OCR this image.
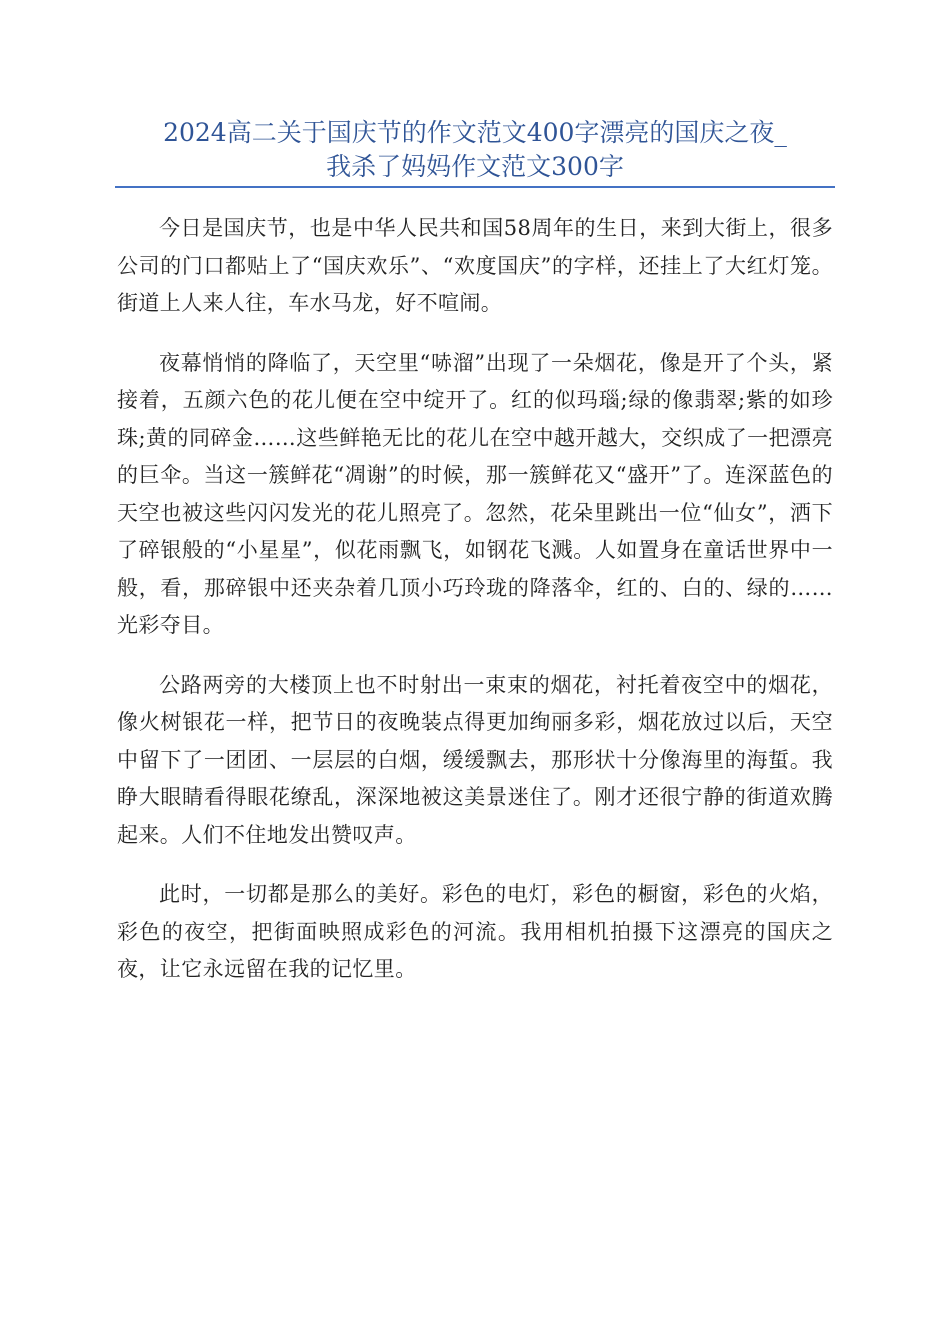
2024高二关于国庆节的作文范文400字漂亮的国庆之夜_
我杀了妈妈作文范文300字

今日是国庆节，也是中华人民共和国58周年的生日，来到大街上，很多公司的门口都贴上了“国庆欢乐”、“欢度国庆”的字样，还挂上了大红灯笼。街道上人来人往，车水马龙，好不喧闹。

夜幕悄悄的降临了，天空里“哧溜”出现了一朵烟花，像是开了个头，紧接着，五颜六色的花儿便在空中绽开了。红的似玛瑙;绿的像翡翠;紫的如珍珠;黄的同碎金……这些鲜艳无比的花儿在空中越开越大，交织成了一把漂亮的巨伞。当这一簇鲜花“凋谢”的时候，那一簇鲜花又“盛开”了。连深蓝色的天空也被这些闪闪发光的花儿照亮了。忽然，花朵里跳出一位“仙女”，洒下了碎银般的“小星星”，似花雨飘飞，如钢花飞溅。人如置身在童话世界中一般，看，那碎银中还夹杂着几顶小巧玲珑的降落伞，红的、白的、绿的……光彩夺目。

公路两旁的大楼顶上也不时射出一束束的烟花，衬托着夜空中的烟花，像火树银花一样，把节日的夜晚装点得更加绚丽多彩，烟花放过以后，天空中留下了一团团、一层层的白烟，缓缓飘去，那形状十分像海里的海蜇。我睁大眼睛看得眼花缭乱，深深地被这美景迷住了。刚才还很宁静的街道欢腾起来。人们不住地发出赞叹声。

此时，一切都是那么的美好。彩色的电灯，彩色的橱窗，彩色的火焰，彩色的夜空，把街面映照成彩色的河流。我用相机拍摄下这漂亮的国庆之夜，让它永远留在我的记忆里。
